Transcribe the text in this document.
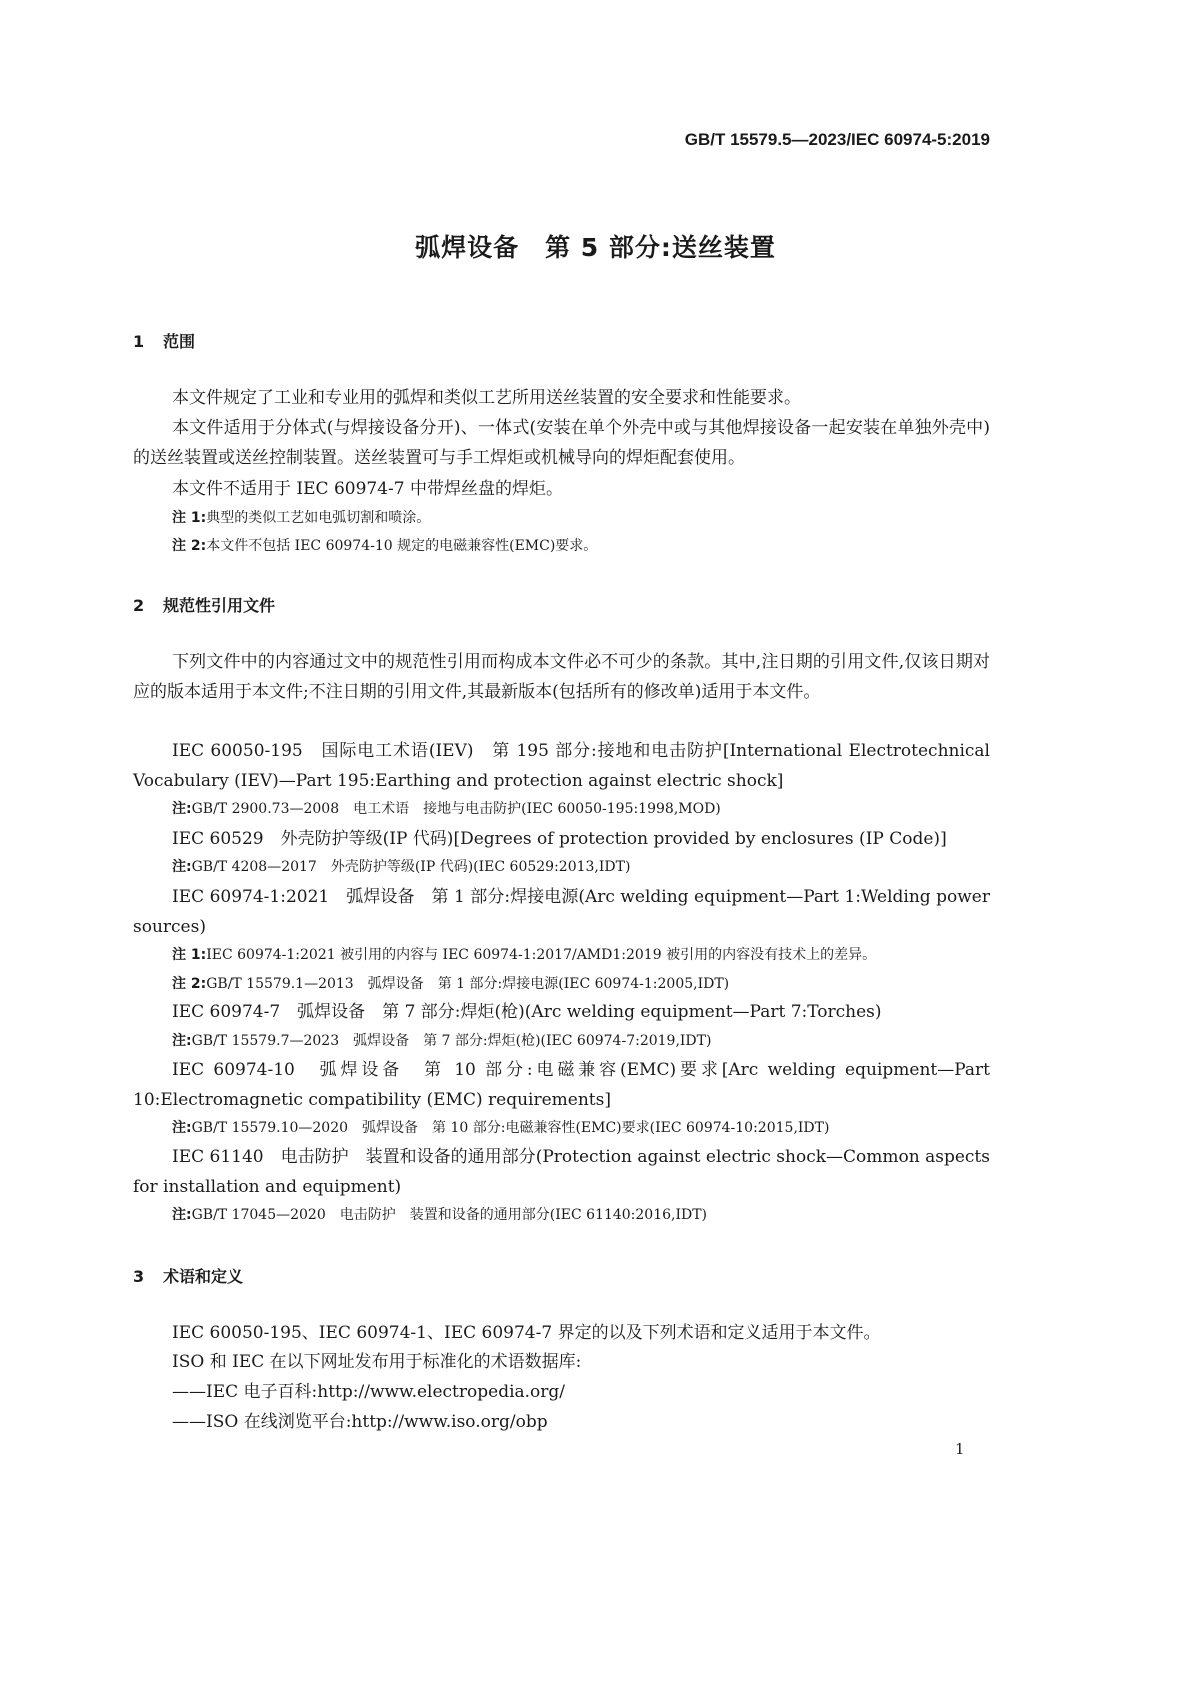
GB/T 15579.5—2023/IEC 60974-5:2019
弧焊设备　第 5 部分:送丝装置
1 范围
本文件规定了工业和专业用的弧焊和类似工艺所用送丝装置的安全要求和性能要求。
本文件适用于分体式(与焊接设备分开)、一体式(安装在单个外壳中或与其他焊接设备一起安装在单独外壳中)的送丝装置或送丝控制装置。送丝装置可与手工焊炬或机械导向的焊炬配套使用。
本文件不适用于 IEC 60974-7 中带焊丝盘的焊炬。
注 1:典型的类似工艺如电弧切割和喷涂。
注 2:本文件不包括 IEC 60974-10 规定的电磁兼容性(EMC)要求。
2 规范性引用文件
下列文件中的内容通过文中的规范性引用而构成本文件必不可少的条款。其中,注日期的引用文件,仅该日期对应的版本适用于本文件;不注日期的引用文件,其最新版本(包括所有的修改单)适用于本文件。
IEC 60050-195　国际电工术语(IEV)　第 195 部分:接地和电击防护[International Electrotechnical Vocabulary (IEV)—Part 195:Earthing and protection against electric shock]
注:GB/T 2900.73—2008　电工术语　接地与电击防护(IEC 60050-195:1998,MOD)
IEC 60529　外壳防护等级(IP 代码)[Degrees of protection provided by enclosures (IP Code)]
注:GB/T 4208—2017　外壳防护等级(IP 代码)(IEC 60529:2013,IDT)
IEC 60974-1:2021　弧焊设备　第 1 部分:焊接电源(Arc welding equipment—Part 1:Welding power sources)
注 1:IEC 60974-1:2021 被引用的内容与 IEC 60974-1:2017/AMD1:2019 被引用的内容没有技术上的差异。
注 2:GB/T 15579.1—2013　弧焊设备　第 1 部分:焊接电源(IEC 60974-1:2005,IDT)
IEC 60974-7　弧焊设备　第 7 部分:焊炬(枪)(Arc welding equipment—Part 7:Torches)
注:GB/T 15579.7—2023　弧焊设备　第 7 部分:焊炬(枪)(IEC 60974-7:2019,IDT)
IEC 60974-10　弧焊设备　第 10 部分:电磁兼容(EMC)要求[Arc welding equipment—Part 10:Electromagnetic compatibility (EMC) requirements]
注:GB/T 15579.10—2020　弧焊设备　第 10 部分:电磁兼容性(EMC)要求(IEC 60974-10:2015,IDT)
IEC 61140　电击防护　装置和设备的通用部分(Protection against electric shock—Common aspects for installation and equipment)
注:GB/T 17045—2020　电击防护　装置和设备的通用部分(IEC 61140:2016,IDT)
3 术语和定义
IEC 60050-195、IEC 60974-1、IEC 60974-7 界定的以及下列术语和定义适用于本文件。
ISO 和 IEC 在以下网址发布用于标准化的术语数据库:
——IEC 电子百科:http://www.electropedia.org/
——ISO 在线浏览平台:http://www.iso.org/obp
1
